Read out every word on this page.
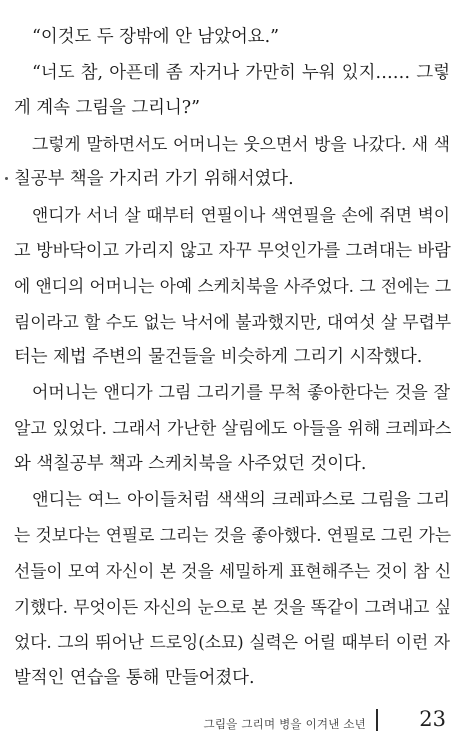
“이것도 두 장밖에 안 남았어요.”
“너도 참, 아픈데 좀 자거나 가만히 누워 있지…… 그렇
게 계속 그림을 그리니?”
그렇게 말하면서도 어머니는 웃으면서 방을 나갔다. 새 색
칠공부 책을 가지러 가기 위해서였다.
앤디가 서너 살 때부터 연필이나 색연필을 손에 쥐면 벽이
고 방바닥이고 가리지 않고 자꾸 무엇인가를 그려대는 바람
에 앤디의 어머니는 아예 스케치북을 사주었다. 그 전에는 그
림이라고 할 수도 없는 낙서에 불과했지만, 대여섯 살 무렵부
터는 제법 주변의 물건들을 비슷하게 그리기 시작했다.
어머니는 앤디가 그림 그리기를 무척 좋아한다는 것을 잘
알고 있었다. 그래서 가난한 살림에도 아들을 위해 크레파스
와 색칠공부 책과 스케치북을 사주었던 것이다.
앤디는 여느 아이들처럼 색색의 크레파스로 그림을 그리
는 것보다는 연필로 그리는 것을 좋아했다. 연필로 그린 가는
선들이 모여 자신이 본 것을 세밀하게 표현해주는 것이 참 신
기했다. 무엇이든 자신의 눈으로 본 것을 똑같이 그려내고 싶
었다. 그의 뛰어난 드로잉(소묘) 실력은 어릴 때부터 이런 자
발적인 연습을 통해 만들어졌다.
그림을 그리며 병을 이겨낸 소년	23
